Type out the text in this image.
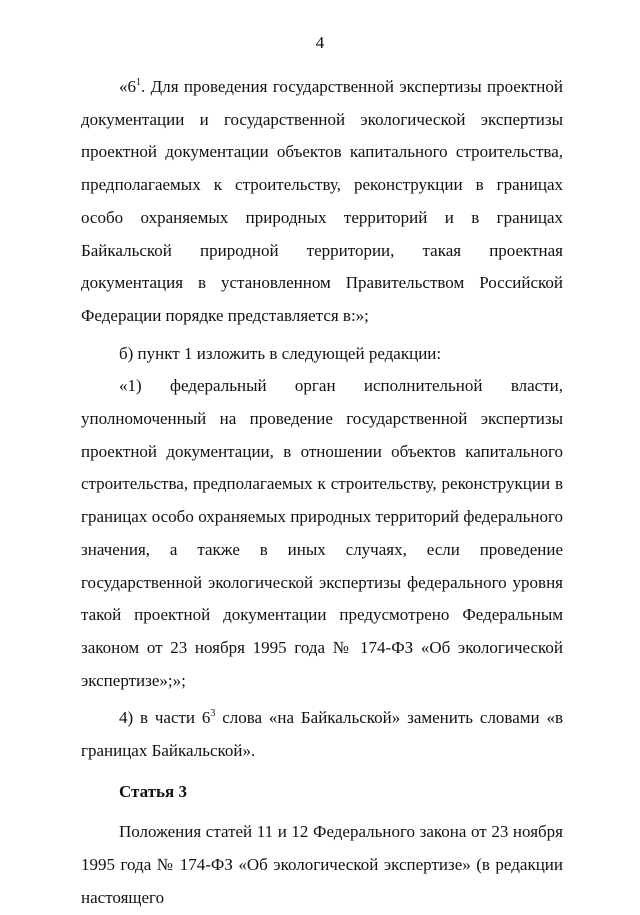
4

«$6^1$. Для проведения государственной экспертизы проектной документации и государственной экологической экспертизы проектной документации объектов капитального строительства, предполагаемых к строительству, реконструкции в границах особо охраняемых природных территорий и в границах Байкальской природной территории, такая проектная документация в установленном Правительством Российской Федерации порядке представляется в:»;

б) пункт 1 изложить в следующей редакции:

«1) федеральный орган исполнительной власти, уполномоченный на проведение государственной экспертизы проектной документации, в отношении объектов капитального строительства, предполагаемых к строительству, реконструкции в границах особо охраняемых природных территорий федерального значения, а также в иных случаях, если проведение государственной экологической экспертизы федерального уровня такой проектной документации предусмотрено Федеральным законом от 23 ноября 1995 года № 174-ФЗ «Об экологической экспертизе»;»;

4) в части $6^3$ слова «на Байкальской» заменить словами «в границах Байкальской».

Статья 3

Положения статей 11 и 12 Федерального закона от 23 ноября 1995 года № 174-ФЗ «Об экологической экспертизе» (в редакции настоящего
